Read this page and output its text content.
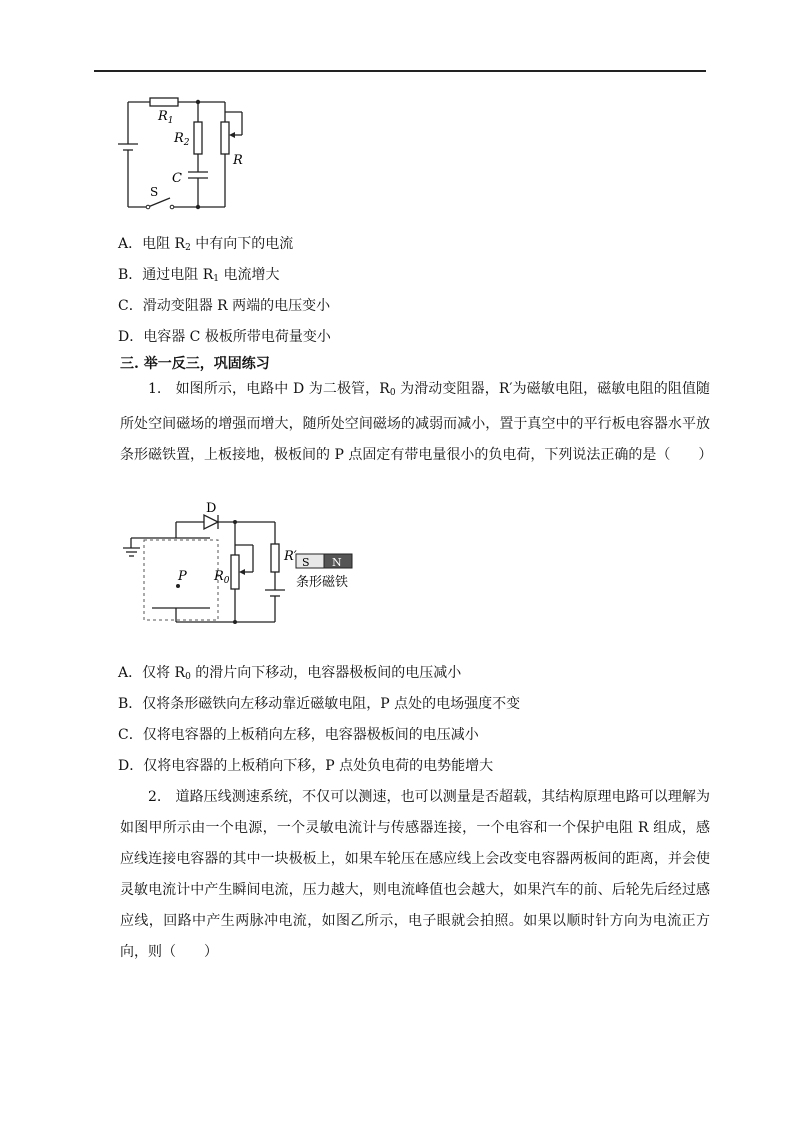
$R_1$
$R_2$
R
C
S
A．电阻 $R_2$ 中有向下的电流
B．通过电阻 $R_1$ 电流增大
C．滑动变阻器 R 两端的电压变小
D．电容器 C 极板所带电荷量变小
三. 举一反三，巩固练习
1.　 如图所示，电路中 D 为二极管，$R_0$ 为滑动变阻器，R′为磁敏电阻，磁敏电阻的阻值随所处空间磁场的增强而增大，随所处空间磁场的减弱而减小，置于真空中的平行板电容器水平放条形磁铁置，上板接地，极板间的 P 点固定有带电量很小的负电荷，下列说法正确的是（　　）
S N
D
P $R_0$
R′
条形磁铁
A．仅将 $R_0$ 的滑片向下移动，电容器极板间的电压减小
B．仅将条形磁铁向左移动靠近磁敏电阻，P 点处的电场强度不变
C．仅将电容器的上板稍向左移，电容器极板间的电压减小
D．仅将电容器的上板稍向下移，P 点处负电荷的电势能增大
2.　 道路压线测速系统，不仅可以测速，也可以测量是否超载，其结构原理电路可以理解为如图甲所示由一个电源，一个灵敏电流计与传感器连接，一个电容和一个保护电阻 R 组成，感应线连接电容器的其中一块极板上，如果车轮压在感应线上会改变电容器两板间的距离，并会使灵敏电流计中产生瞬间电流，压力越大，则电流峰值也会越大，如果汽车的前、后轮先后经过感应线，回路中产生两脉冲电流，如图乙所示，电子眼就会拍照。如果以顺时针方向为电流正方向，则（　　）
